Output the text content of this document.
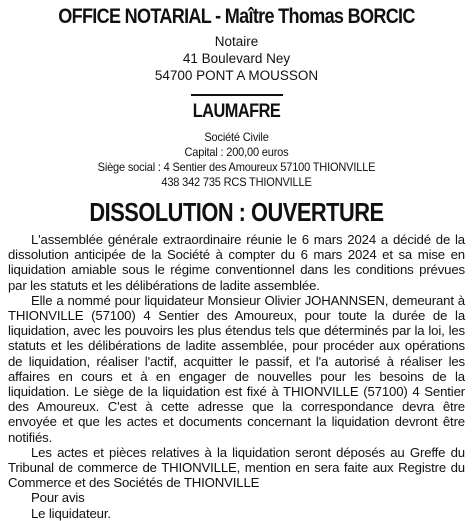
OFFICE NOTARIAL - Maître Thomas BORCIC
Notaire
41 Boulevard Ney
54700 PONT A MOUSSON
LAUMAFRE
Société Civile
Capital : 200,00 euros
Siège social : 4 Sentier des Amoureux 57100 THIONVILLE
438 342 735 RCS THIONVILLE
DISSOLUTION : OUVERTURE

L'assemblée générale extraordinaire réunie le 6 mars 2024 a décidé de la dissolution anticipée de la Société à compter du 6 mars 2024 et sa mise en liquidation amiable sous le régime conventionnel dans les conditions prévues par les statuts et les délibérations de ladite assemblée.

Elle a nommé pour liquidateur Monsieur Olivier JOHANNSEN, demeurant à THIONVILLE (57100) 4 Sentier des Amoureux, pour toute la durée de la liquidation, avec les pouvoirs les plus étendus tels que déterminés par la loi, les statuts et les délibérations de ladite assemblée, pour procéder aux opérations de liquidation, réaliser l'actif, acquitter le passif, et l'a autorisé à réaliser les affaires en cours et à en engager de nouvelles pour les besoins de la liquidation. Le siège de la liquidation est fixé à THIONVILLE (57100) 4 Sentier des Amoureux. C'est à cette adresse que la correspondance devra être envoyée et que les actes et documents concernant la liquidation devront être notifiés.

Les actes et pièces relatives à la liquidation seront déposés au Greffe du Tribunal de commerce de THIONVILLE, mention en sera faite aux Registre du Commerce et des Sociétés de THIONVILLE

Pour avis

Le liquidateur.
